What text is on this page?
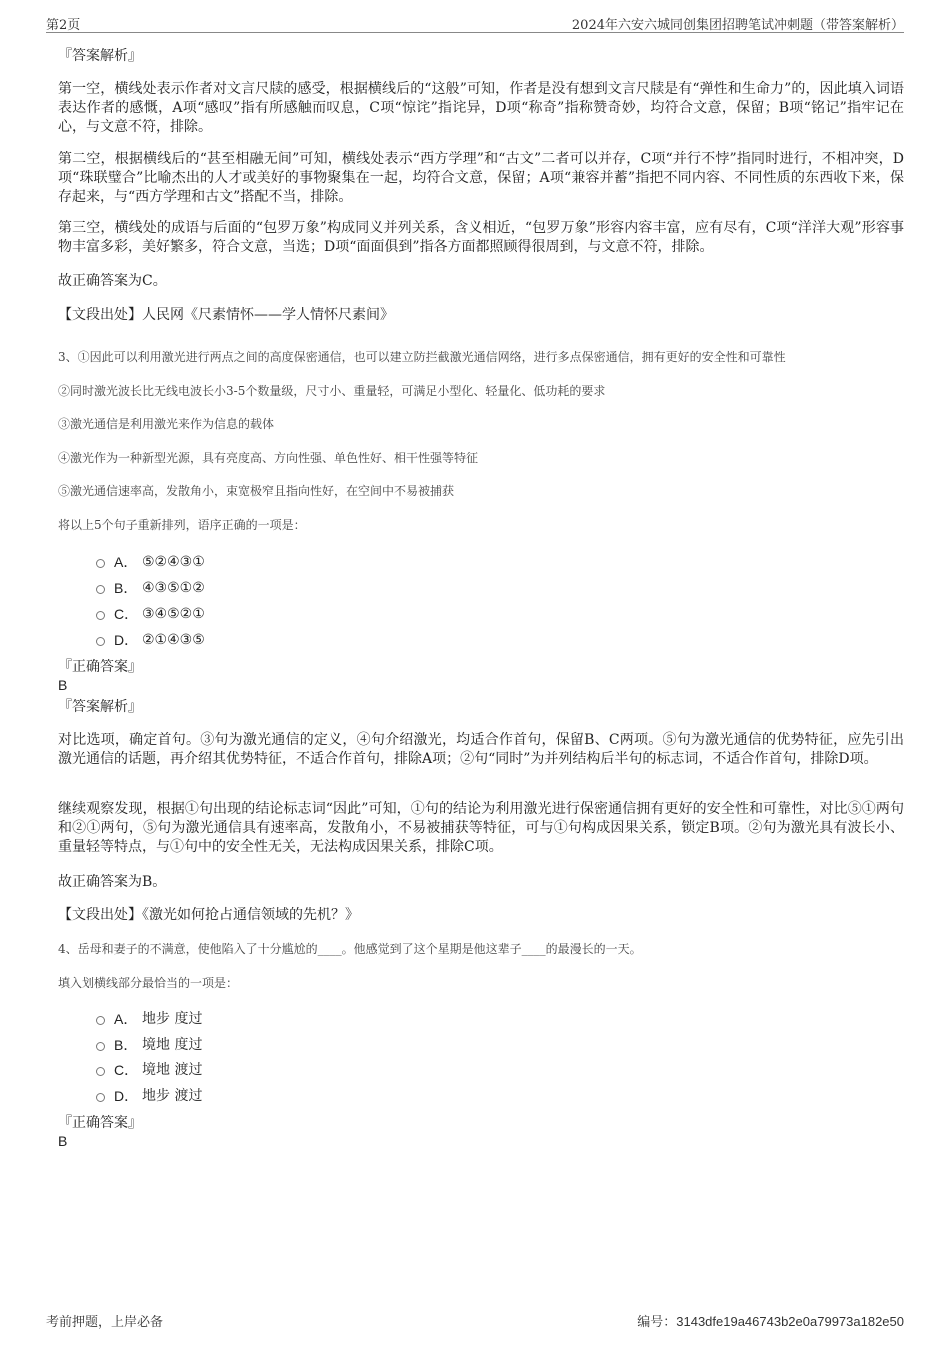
第2页	2024年六安六城同创集团招聘笔试冲刺题（带答案解析）
『答案解析』
第一空，横线处表示作者对文言尺牍的感受，根据横线后的“这般”可知，作者是没有想到文言尺牍是有“弹性和生命力”的，因此填入词语表达作者的感慨，A项“感叹”指有所感触而叹息，C项“惊诧”指诧异，D项“称奇”指称赞奇妙，均符合文意，保留；B项“铭记”指牢记在心，与文意不符，排除。
第二空，根据横线后的“甚至相融无间”可知，横线处表示“西方学理”和“古文”二者可以并存，C项“并行不悖”指同时进行，不相冲突，D项“珠联璧合”比喻杰出的人才或美好的事物聚集在一起，均符合文意，保留；A项“兼容并蓄”指把不同内容、不同性质的东西收下来，保存起来，与“西方学理和古文”搭配不当，排除。
第三空，横线处的成语与后面的“包罗万象”构成同义并列关系，含义相近，“包罗万象”形容内容丰富，应有尽有，C项“洋洋大观”形容事物丰富多彩，美好繁多，符合文意，当选；D项“面面俱到”指各方面都照顾得很周到，与文意不符，排除。
故正确答案为C。
【文段出处】人民网《尺素情怀——学人情怀尺素间》
3、①因此可以利用激光进行两点之间的高度保密通信，也可以建立防拦截激光通信网络，进行多点保密通信，拥有更好的安全性和可靠性
②同时激光波长比无线电波长小3-5个数量级，尺寸小、重量轻，可满足小型化、轻量化、低功耗的要求
③激光通信是利用激光来作为信息的载体
④激光作为一种新型光源，具有亮度高、方向性强、单色性好、相干性强等特征
⑤激光通信速率高，发散角小，束宽极窄且指向性好，在空间中不易被捕获
将以上5个句子重新排列，语序正确的一项是：
A． ⑤②④③①
B． ④③⑤①②
C． ③④⑤②①
D． ②①④③⑤
『正确答案』
B
『答案解析』
对比选项，确定首句。③句为激光通信的定义，④句介绍激光，均适合作首句，保留B、C两项。⑤句为激光通信的优势特征，应先引出激光通信的话题，再介绍其优势特征，不适合作首句，排除A项；②句“同时”为并列结构后半句的标志词，不适合作首句，排除D项。
继续观察发现，根据①句出现的结论标志词“因此”可知，①句的结论为利用激光进行保密通信拥有更好的安全性和可靠性，对比⑤①两句和②①两句，⑤句为激光通信具有速率高，发散角小，不易被捕获等特征，可与①句构成因果关系，锁定B项。②句为激光具有波长小、重量轻等特点，与①句中的安全性无关，无法构成因果关系，排除C项。
故正确答案为B。
【文段出处】《激光如何抢占通信领域的先机？》
4、岳母和妻子的不满意，使他陷入了十分尴尬的____。他感觉到了这个星期是他这辈子____的最漫长的一天。
填入划横线部分最恰当的一项是：
A． 地步 度过
B． 境地 度过
C． 境地 渡过
D． 地步 渡过
『正确答案』
B
考前押题，上岸必备	编号：3143dfe19a46743b2e0a79973a182e50
